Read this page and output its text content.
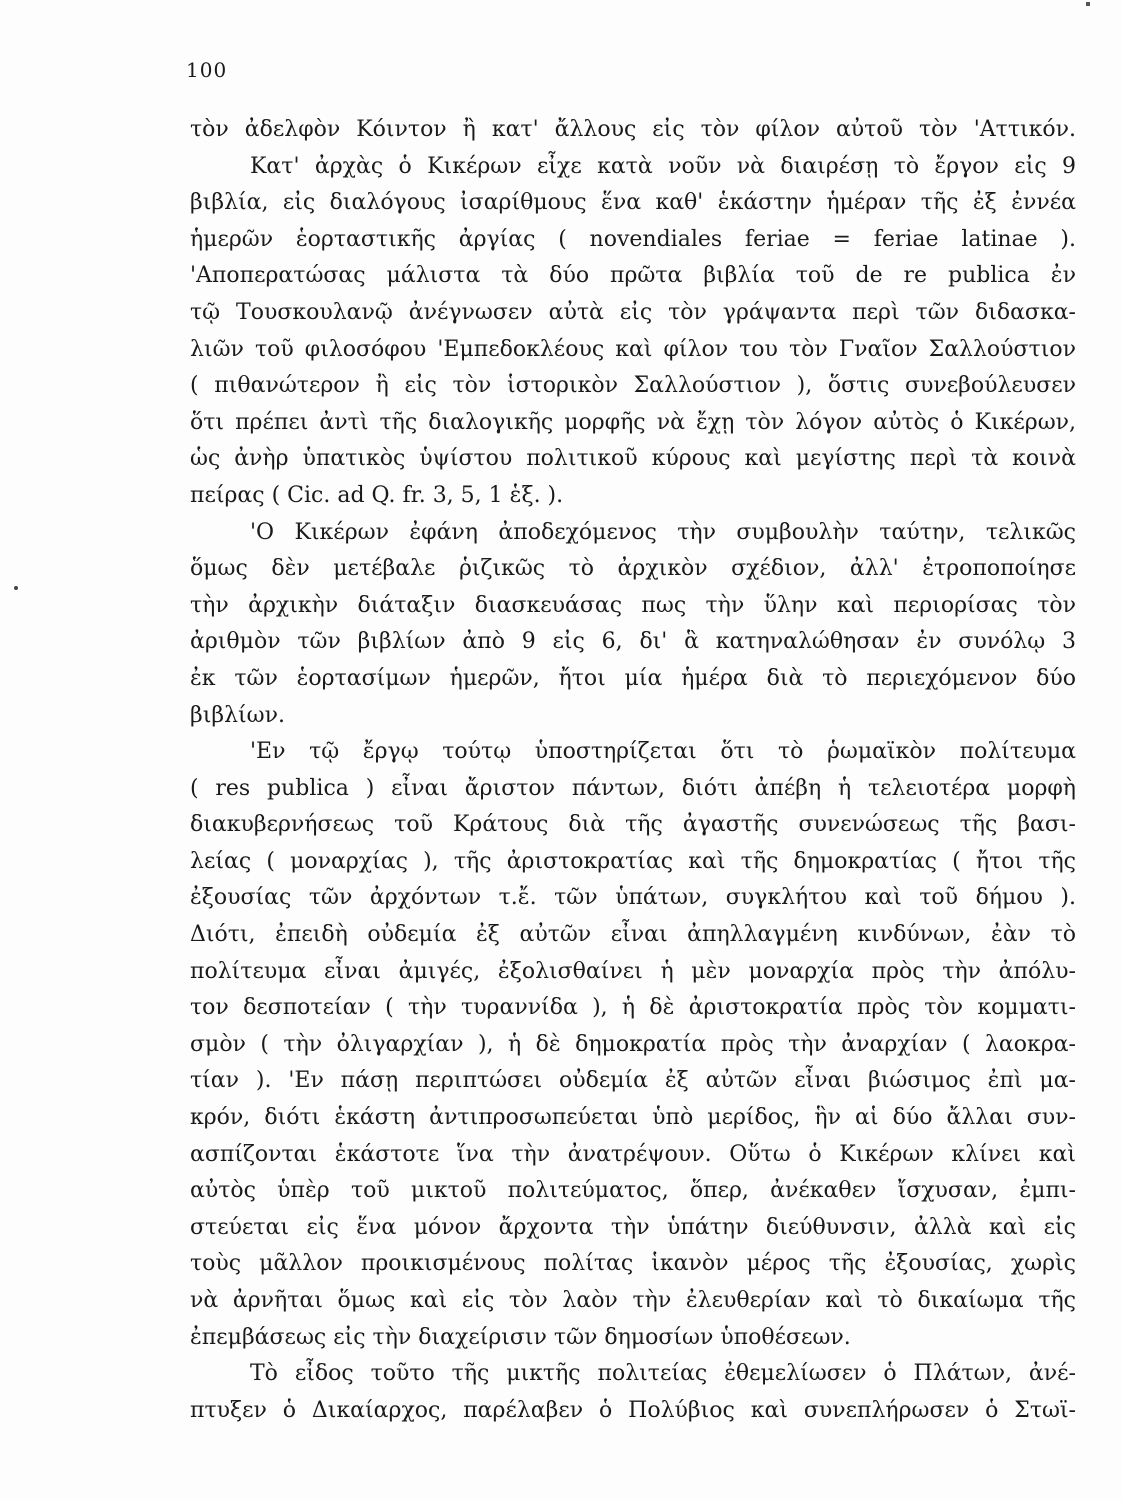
100
τὸν ἀδελφὸν Κόιντον ἢ κατ' ἄλλους εἰς τὸν φίλον αὐτοῦ τὸν 'Αττικόν.
Κατ' ἀρχὰς ὁ Κικέρων εἶχε κατὰ νοῦν νὰ διαιρέσῃ τὸ ἔργον εἰς 9
βιβλία, εἰς διαλόγους ἰσαρίθμους ἕνα καθ' ἑκάστην ἡμέραν τῆς ἐξ ἐννέα
ἡμερῶν ἑορταστικῆς ἀργίας ( novendiales feriae = feriae latinae ).
'Αποπερατώσας μάλιστα τὰ δύο πρῶτα βιβλία τοῦ de re publica ἐν
τῷ Τουσκουλανῷ ἀνέγνωσεν αὐτὰ εἰς τὸν γράψαντα περὶ τῶν διδασκα-
λιῶν τοῦ φιλοσόφου 'Εμπεδοκλέους καὶ φίλον του τὸν Γναῖον Σαλλούστιον
( πιθανώτερον ἢ εἰς τὸν ἱστορικὸν Σαλλούστιον ), ὅστις συνεβούλευσεν
ὅτι πρέπει ἀντὶ τῆς διαλογικῆς μορφῆς νὰ ἔχῃ τὸν λόγον αὐτὸς ὁ Κικέρων,
ὡς ἀνὴρ ὑπατικὸς ὑψίστου πολιτικοῦ κύρους καὶ μεγίστης περὶ τὰ κοινὰ
πείρας ( Cic. ad Q. fr. 3, 5, 1 ἑξ. ).
'Ο Κικέρων ἐφάνη ἀποδεχόμενος τὴν συμβουλὴν ταύτην, τελικῶς
ὅμως δὲν μετέβαλε ῥιζικῶς τὸ ἀρχικὸν σχέδιον, ἀλλ' ἐτροποποίησε
τὴν ἀρχικὴν διάταξιν διασκευάσας πως τὴν ὕλην καὶ περιορίσας τὸν
ἀριθμὸν τῶν βιβλίων ἀπὸ 9 εἰς 6, δι' ἃ κατηναλώθησαν ἐν συνόλῳ 3
ἐκ τῶν ἑορτασίμων ἡμερῶν, ἤτοι μία ἡμέρα διὰ τὸ περιεχόμενον δύο
βιβλίων.
'Εν τῷ ἔργῳ τούτῳ ὑποστηρίζεται ὅτι τὸ ῥωμαϊκὸν πολίτευμα
( res publica ) εἶναι ἄριστον πάντων, διότι ἀπέβη ἡ τελειοτέρα μορφὴ
διακυβερνήσεως τοῦ Κράτους διὰ τῆς ἀγαστῆς συνενώσεως τῆς βασι-
λείας ( μοναρχίας ), τῆς ἀριστοκρατίας καὶ τῆς δημοκρατίας ( ἤτοι τῆς
ἐξουσίας τῶν ἀρχόντων τ.ἔ. τῶν ὑπάτων, συγκλήτου καὶ τοῦ δήμου ).
Διότι, ἐπειδὴ οὐδεμία ἐξ αὐτῶν εἶναι ἀπηλλαγμένη κινδύνων, ἐὰν τὸ
πολίτευμα εἶναι ἀμιγές, ἐξολισθαίνει ἡ μὲν μοναρχία πρὸς τὴν ἀπόλυ-
τον δεσποτείαν ( τὴν τυραννίδα ), ἡ δὲ ἀριστοκρατία πρὸς τὸν κομματι-
σμὸν ( τὴν ὀλιγαρχίαν ), ἡ δὲ δημοκρατία πρὸς τὴν ἀναρχίαν ( λαοκρα-
τίαν ). 'Εν πάσῃ περιπτώσει οὐδεμία ἐξ αὐτῶν εἶναι βιώσιμος ἐπὶ μα-
κρόν, διότι ἑκάστη ἀντιπροσωπεύεται ὑπὸ μερίδος, ἣν αἱ δύο ἄλλαι συν-
ασπίζονται ἑκάστοτε ἵνα τὴν ἀνατρέψουν. Οὕτω ὁ Κικέρων κλίνει καὶ
αὐτὸς ὑπὲρ τοῦ μικτοῦ πολιτεύματος, ὅπερ, ἀνέκαθεν ἴσχυσαν, ἐμπι-
στεύεται εἰς ἕνα μόνον ἄρχοντα τὴν ὑπάτην διεύθυνσιν, ἀλλὰ καὶ εἰς
τοὺς μᾶλλον προικισμένους πολίτας ἱκανὸν μέρος τῆς ἐξουσίας, χωρὶς
νὰ ἀρνῆται ὅμως καὶ εἰς τὸν λαὸν τὴν ἐλευθερίαν καὶ τὸ δικαίωμα τῆς
ἐπεμβάσεως εἰς τὴν διαχείρισιν τῶν δημοσίων ὑποθέσεων.
Τὸ εἶδος τοῦτο τῆς μικτῆς πολιτείας ἐθεμελίωσεν ὁ Πλάτων, ἀνέ-
πτυξεν ὁ Δικαίαρχος, παρέλαβεν ὁ Πολύβιος καὶ συνεπλήρωσεν ὁ Στωϊ-
